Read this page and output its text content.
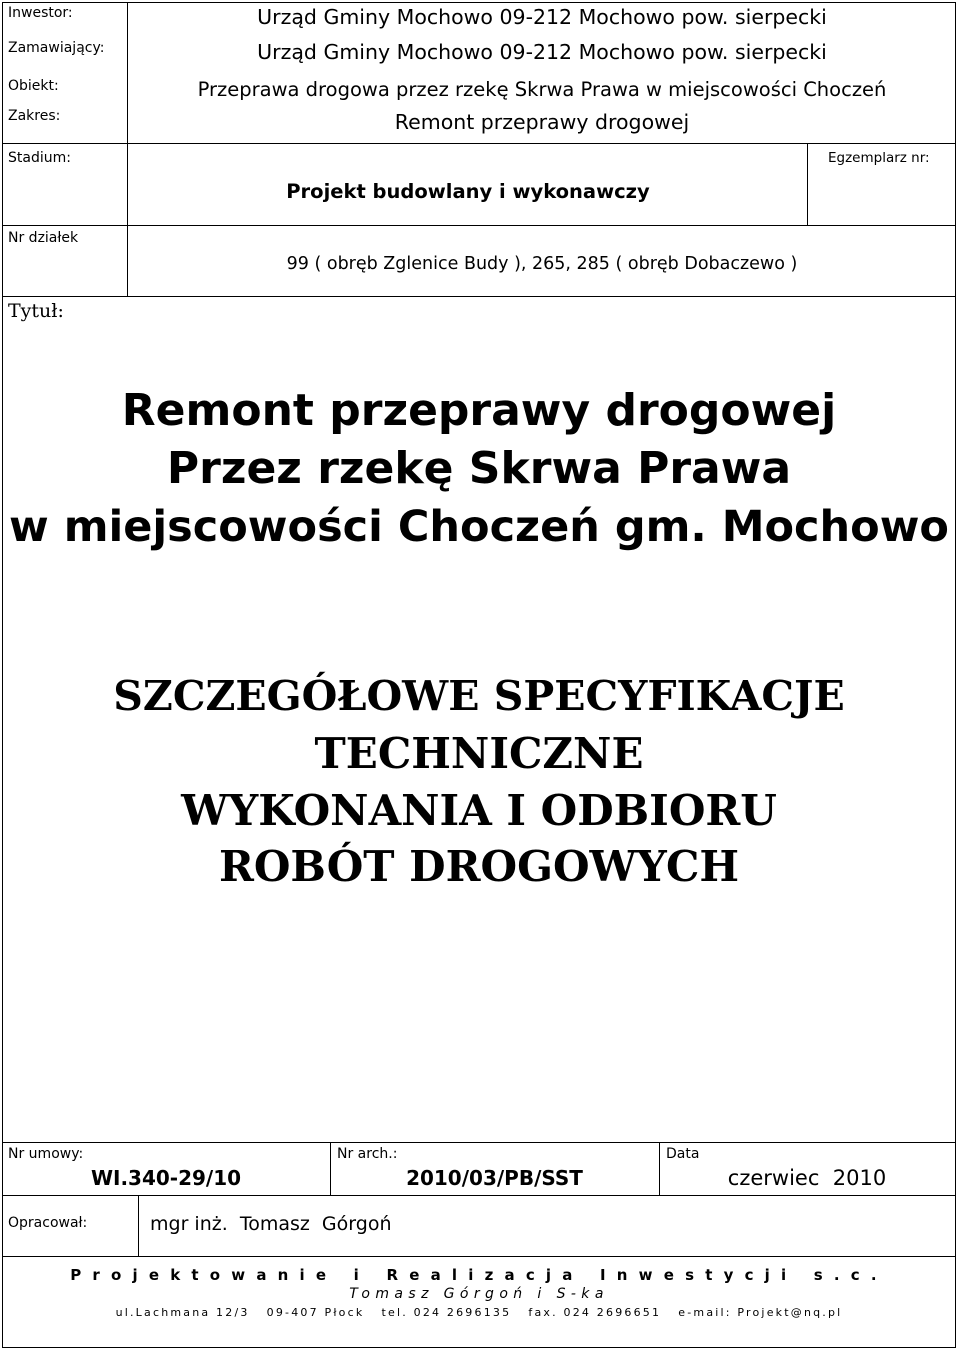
Inwestor:
Zamawiający:
Obiekt:
Zakres:
Stadium:	Egzemplarz nr:
Nr działek
Tytuł:
Urząd Gminy Mochowo 09-212 Mochowo pow. sierpecki
Urząd Gminy Mochowo 09-212 Mochowo pow. sierpecki
Przeprawa drogowa przez rzekę Skrwa Prawa w miejscowości Choczeń
Remont przeprawy drogowej
Projekt budowlany i wykonawczy
99 ( obręb Zglenice Budy ), 265, 285 ( obręb Dobaczewo )
Remont przeprawy drogowej
Przez rzekę Skrwa Prawa
w miejscowości Choczeń gm. Mochowo
SZCZEGÓŁOWE SPECYFIKACJE
TECHNICZNE
WYKONANIA I ODBIORU
ROBÓT DROGOWYCH
Nr umowy:
WI.340-29/10
Nr arch.:
2010/03/PB/SST
Data
czerwiec  2010
Opracował:	mgr inż.  Tomasz  Górgoń
Projektowanie i Realizacja Inwestycji s.c.
Tomasz Górgoń i S-ka
ul.Lachmana 12/3   09-407 Płock   tel. 024 2696135   fax. 024 2696651   e-mail: Projekt@nq.pl
